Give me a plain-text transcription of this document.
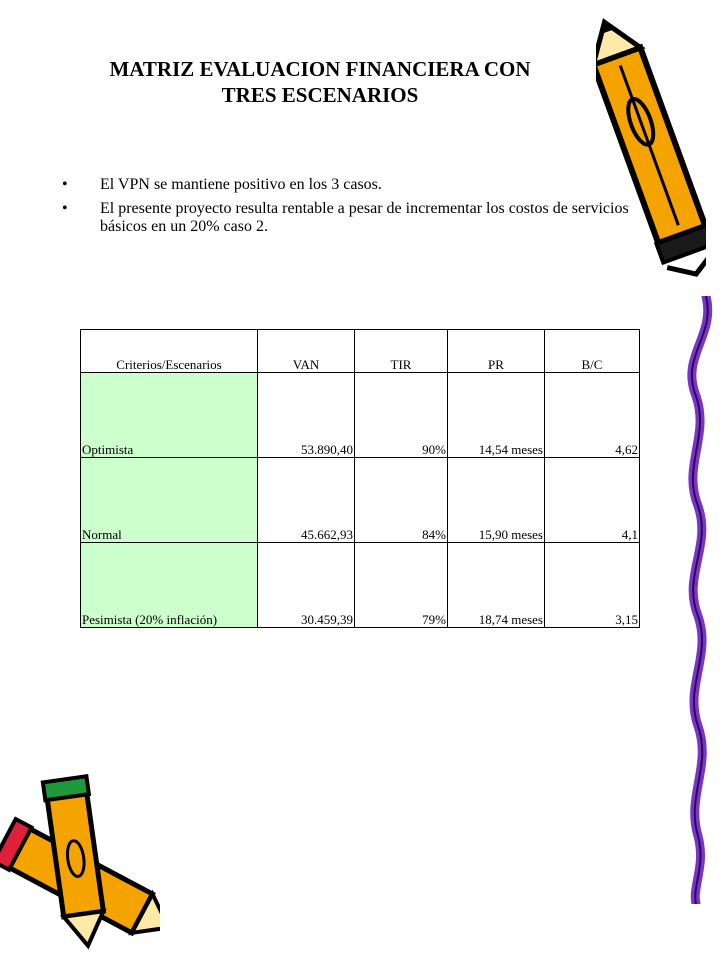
MATRIZ EVALUACION FINANCIERA CON
TRES ESCENARIOS
• El VPN se mantiene positivo en los 3 casos.
• El presente proyecto resulta rentable a pesar de incrementar los costos de servicios básicos en un 20% caso 2.
Criterios/Escenarios	VAN	TIR	PR	B/C
Optimista	53.890,40	90%	14,54 meses	4,62
Normal	45.662,93	84%	15,90 meses	4,1
Pesimista (20% inflación)	30.459,39	79%	18,74 meses	3,15
